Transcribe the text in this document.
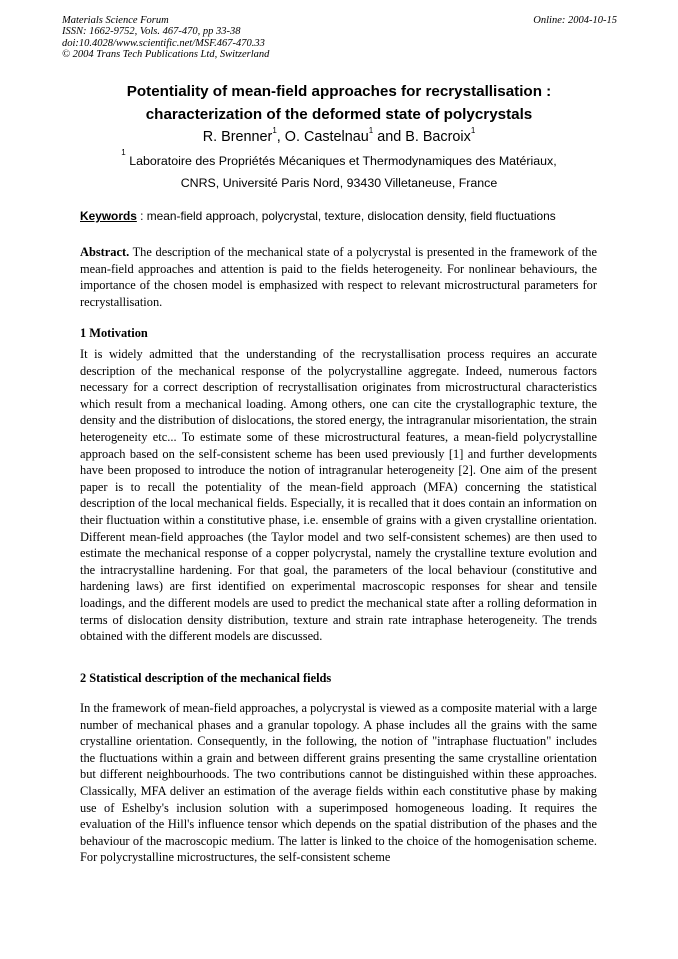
Materials Science Forum
ISSN: 1662-9752, Vols. 467-470, pp 33-38
doi:10.4028/www.scientific.net/MSF.467-470.33
© 2004 Trans Tech Publications Ltd, Switzerland
Online: 2004-10-15
Potentiality of mean-field approaches for recrystallisation :
characterization of the deformed state of polycrystals
R. Brenner$^1$, O. Castelnau$^1$ and B. Bacroix$^1$
$^1$ Laboratoire des Propriétés Mécaniques et Thermodynamiques des Matériaux,
CNRS, Université Paris Nord, 93430 Villetaneuse, France
Keywords : mean-field approach, polycrystal, texture, dislocation density, field fluctuations
Abstract. The description of the mechanical state of a polycrystal is presented in the framework of the mean-field approaches and attention is paid to the fields heterogeneity. For nonlinear behaviours, the importance of the chosen model is emphasized with respect to relevant microstructural parameters for recrystallisation.
1 Motivation
It is widely admitted that the understanding of the recrystallisation process requires an accurate description of the mechanical response of the polycrystalline aggregate. Indeed, numerous factors necessary for a correct description of recrystallisation originates from microstructural characteristics which result from a mechanical loading. Among others, one can cite the crystallographic texture, the density and the distribution of dislocations, the stored energy, the intragranular misorientation, the strain heterogeneity etc... To estimate some of these microstructural features, a mean-field polycrystalline approach based on the self-consistent scheme has been used previously [1] and further developments have been proposed to introduce the notion of intragranular heterogeneity [2]. One aim of the present paper is to recall the potentiality of the mean-field approach (MFA) concerning the statistical description of the local mechanical fields. Especially, it is recalled that it does contain an information on their fluctuation within a constitutive phase, i.e. ensemble of grains with a given crystalline orientation. Different mean-field approaches (the Taylor model and two self-consistent schemes) are then used to estimate the mechanical response of a copper polycrystal, namely the crystalline texture evolution and the intracrystalline hardening. For that goal, the parameters of the local behaviour (constitutive and hardening laws) are first identified on experimental macroscopic responses for shear and tensile loadings, and the different models are used to predict the mechanical state after a rolling deformation in terms of dislocation density distribution, texture and strain rate intraphase heterogeneity. The trends obtained with the different models are discussed.
2 Statistical description of the mechanical fields
In the framework of mean-field approaches, a polycrystal is viewed as a composite material with a large number of mechanical phases and a granular topology. A phase includes all the grains with the same crystalline orientation. Consequently, in the following, the notion of "intraphase fluctuation" includes the fluctuations within a grain and between different grains presenting the same crystalline orientation but different neighbourhoods. The two contributions cannot be distinguished within these approaches. Classically, MFA deliver an estimation of the average fields within each constitutive phase by making use of Eshelby's inclusion solution with a superimposed homogeneous loading. It requires the evaluation of the Hill's influence tensor which depends on the spatial distribution of the phases and the behaviour of the macroscopic medium. The latter is linked to the choice of the homogenisation scheme. For polycrystalline microstructures, the self-consistent scheme
